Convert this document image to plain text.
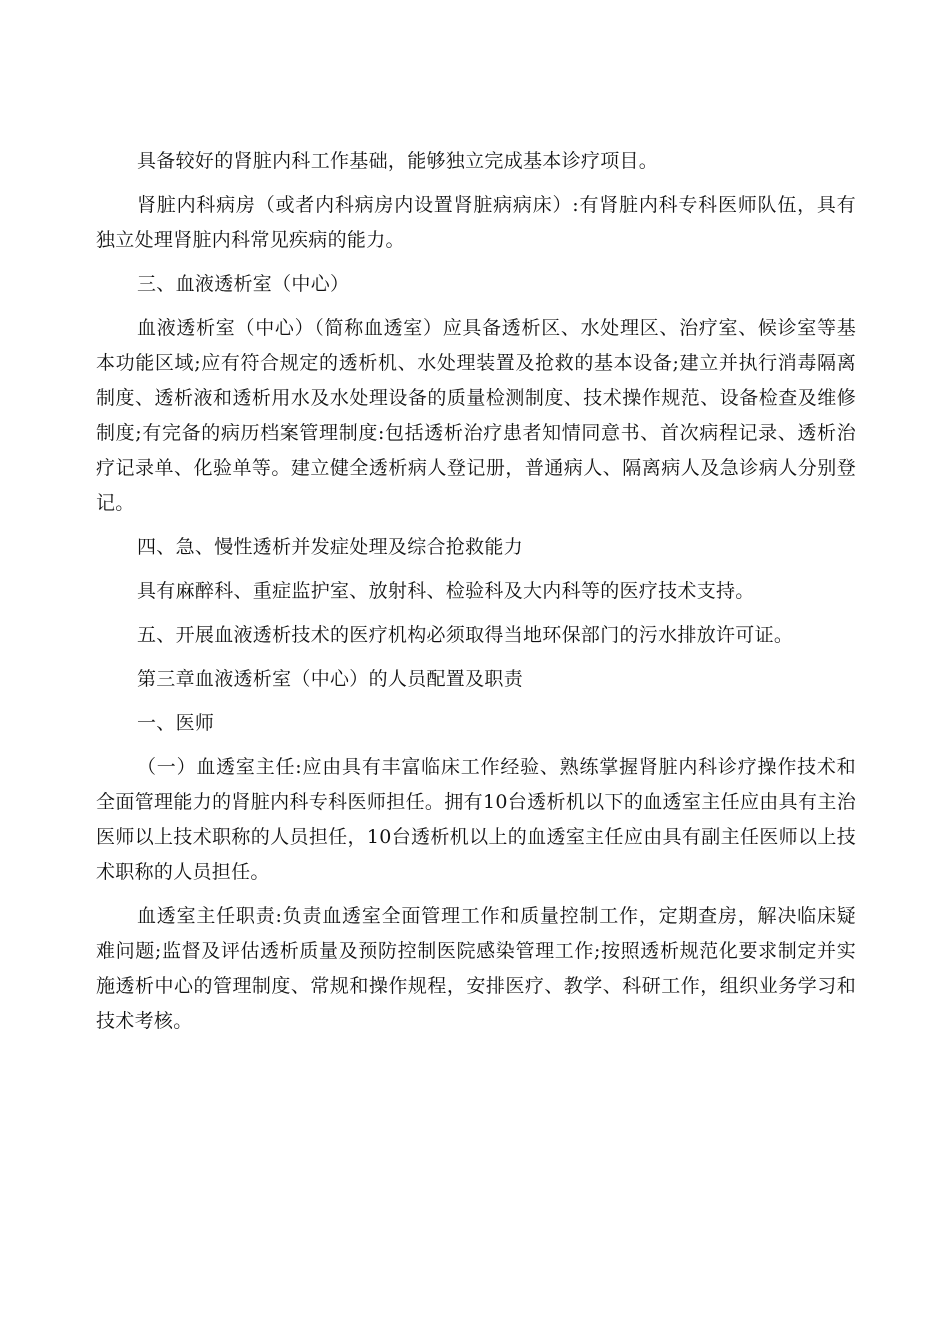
具备较好的肾脏内科工作基础，能够独立完成基本诊疗项目。

肾脏内科病房（或者内科病房内设置肾脏病病床）:有肾脏内科专科医师队伍，具有独立处理肾脏内科常见疾病的能力。

三、血液透析室（中心）

血液透析室（中心）（简称血透室）应具备透析区、水处理区、治疗室、候诊室等基本功能区域;应有符合规定的透析机、水处理装置及抢救的基本设备;建立并执行消毒隔离制度、透析液和透析用水及水处理设备的质量检测制度、技术操作规范、设备检查及维修制度;有完备的病历档案管理制度:包括透析治疗患者知情同意书、首次病程记录、透析治疗记录单、化验单等。建立健全透析病人登记册，普通病人、隔离病人及急诊病人分别登记。

四、急、慢性透析并发症处理及综合抢救能力

具有麻醉科、重症监护室、放射科、检验科及大内科等的医疗技术支持。

五、开展血液透析技术的医疗机构必须取得当地环保部门的污水排放许可证。

第三章血液透析室（中心）的人员配置及职责

一、医师

（一）血透室主任:应由具有丰富临床工作经验、熟练掌握肾脏内科诊疗操作技术和全面管理能力的肾脏内科专科医师担任。拥有10台透析机以下的血透室主任应由具有主治医师以上技术职称的人员担任，10台透析机以上的血透室主任应由具有副主任医师以上技术职称的人员担任。

血透室主任职责:负责血透室全面管理工作和质量控制工作，定期查房，解决临床疑难问题;监督及评估透析质量及预防控制医院感染管理工作;按照透析规范化要求制定并实施透析中心的管理制度、常规和操作规程，安排医疗、教学、科研工作，组织业务学习和技术考核。
